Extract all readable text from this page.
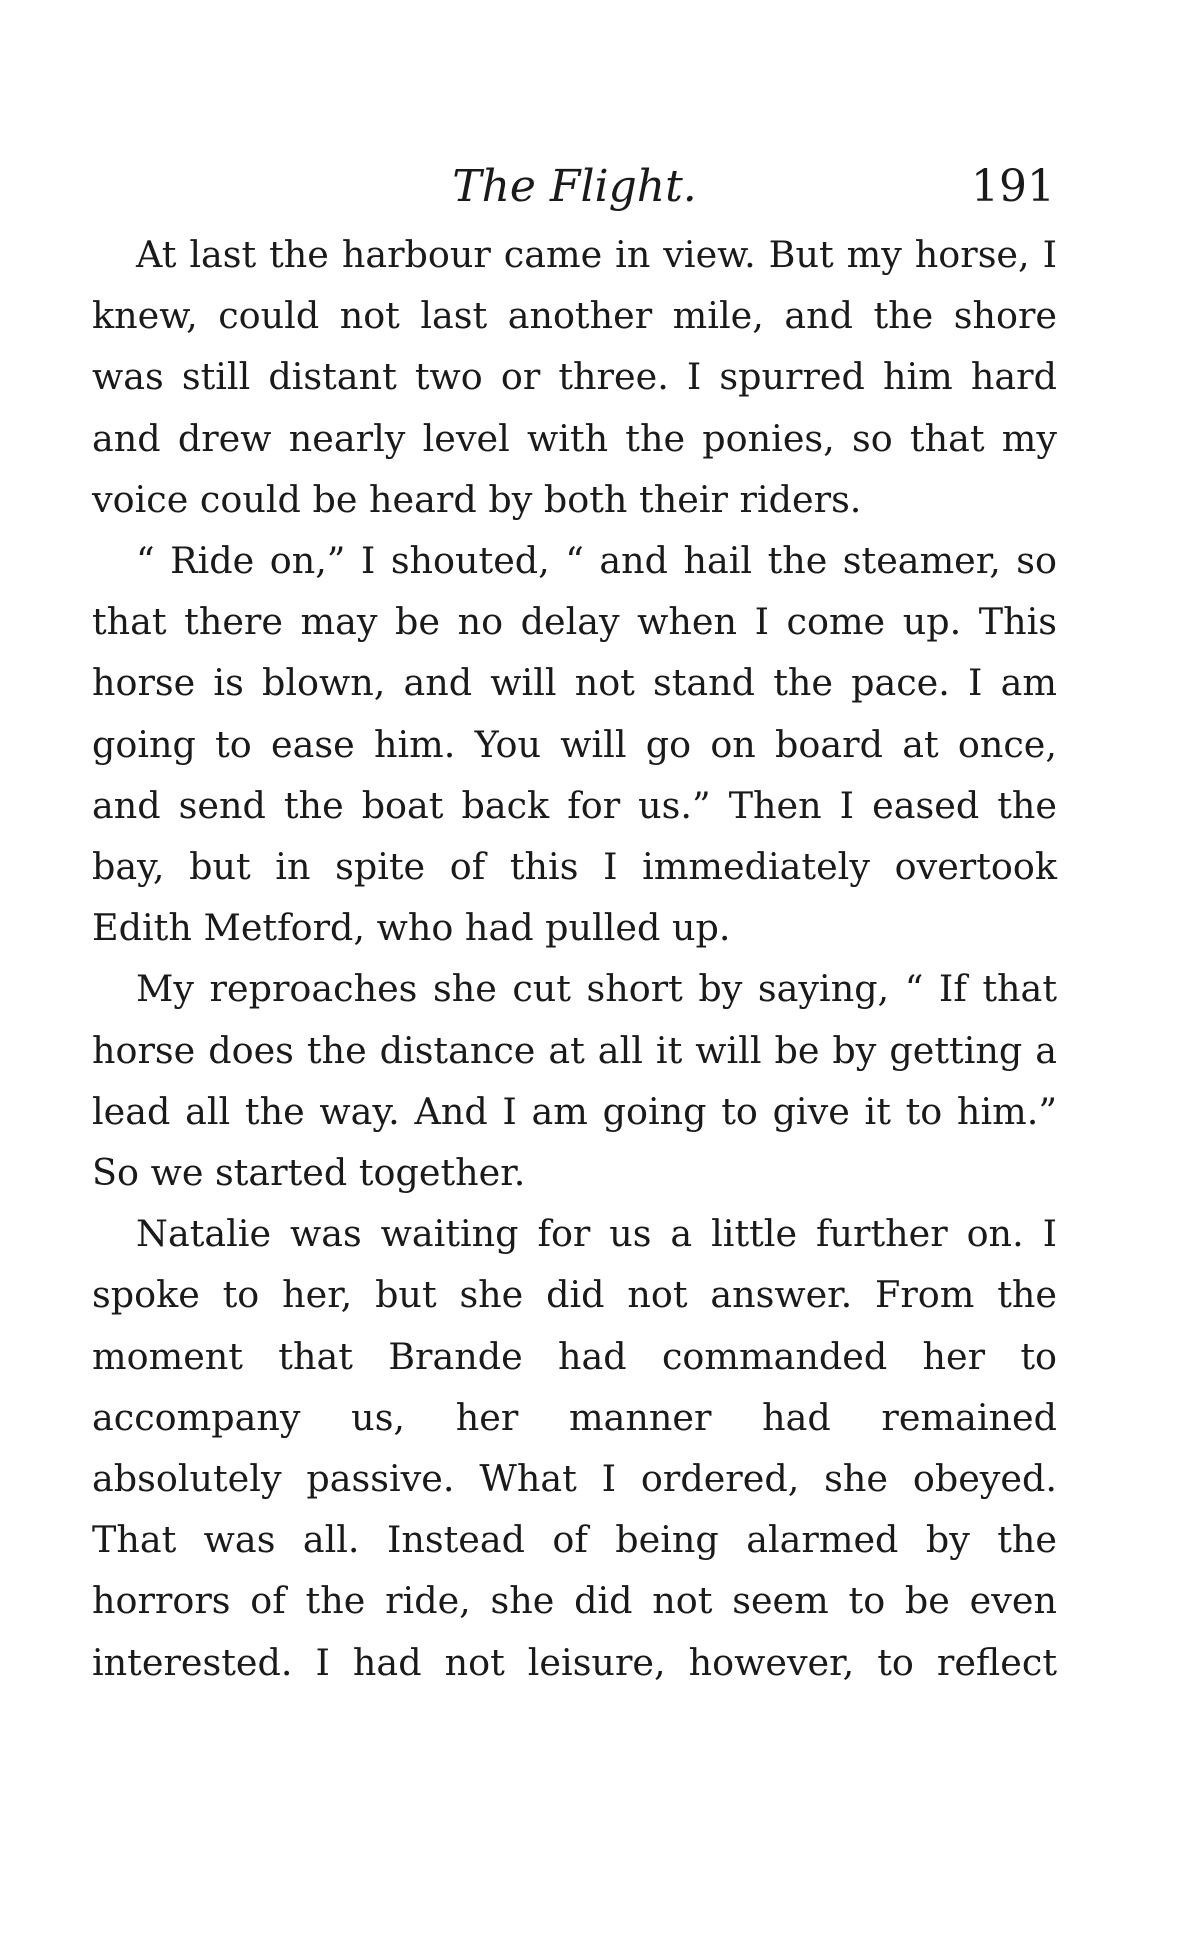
The Flight.	191

At last the harbour came in view. But my horse, I knew, could not last another mile, and the shore was still distant two or three. I spurred him hard and drew nearly level with the ponies, so that my voice could be heard by both their riders.

“ Ride on,” I shouted, “ and hail the steamer, so that there may be no delay when I come up. This horse is blown, and will not stand the pace. I am going to ease him. You will go on board at once, and send the boat back for us.” Then I eased the bay, but in spite of this I immediately overtook Edith Metford, who had pulled up.

My reproaches she cut short by saying, “ If that horse does the distance at all it will be by getting a lead all the way. And I am going to give it to him.” So we started together.

Natalie was waiting for us a little further on. I spoke to her, but she did not answer. From the moment that Brande had commanded her to accompany us, her manner had remained absolutely passive. What I ordered, she obeyed. That was all. Instead of being alarmed by the horrors of the ride, she did not seem to be even interested. I had not leisure, however, to reflect
